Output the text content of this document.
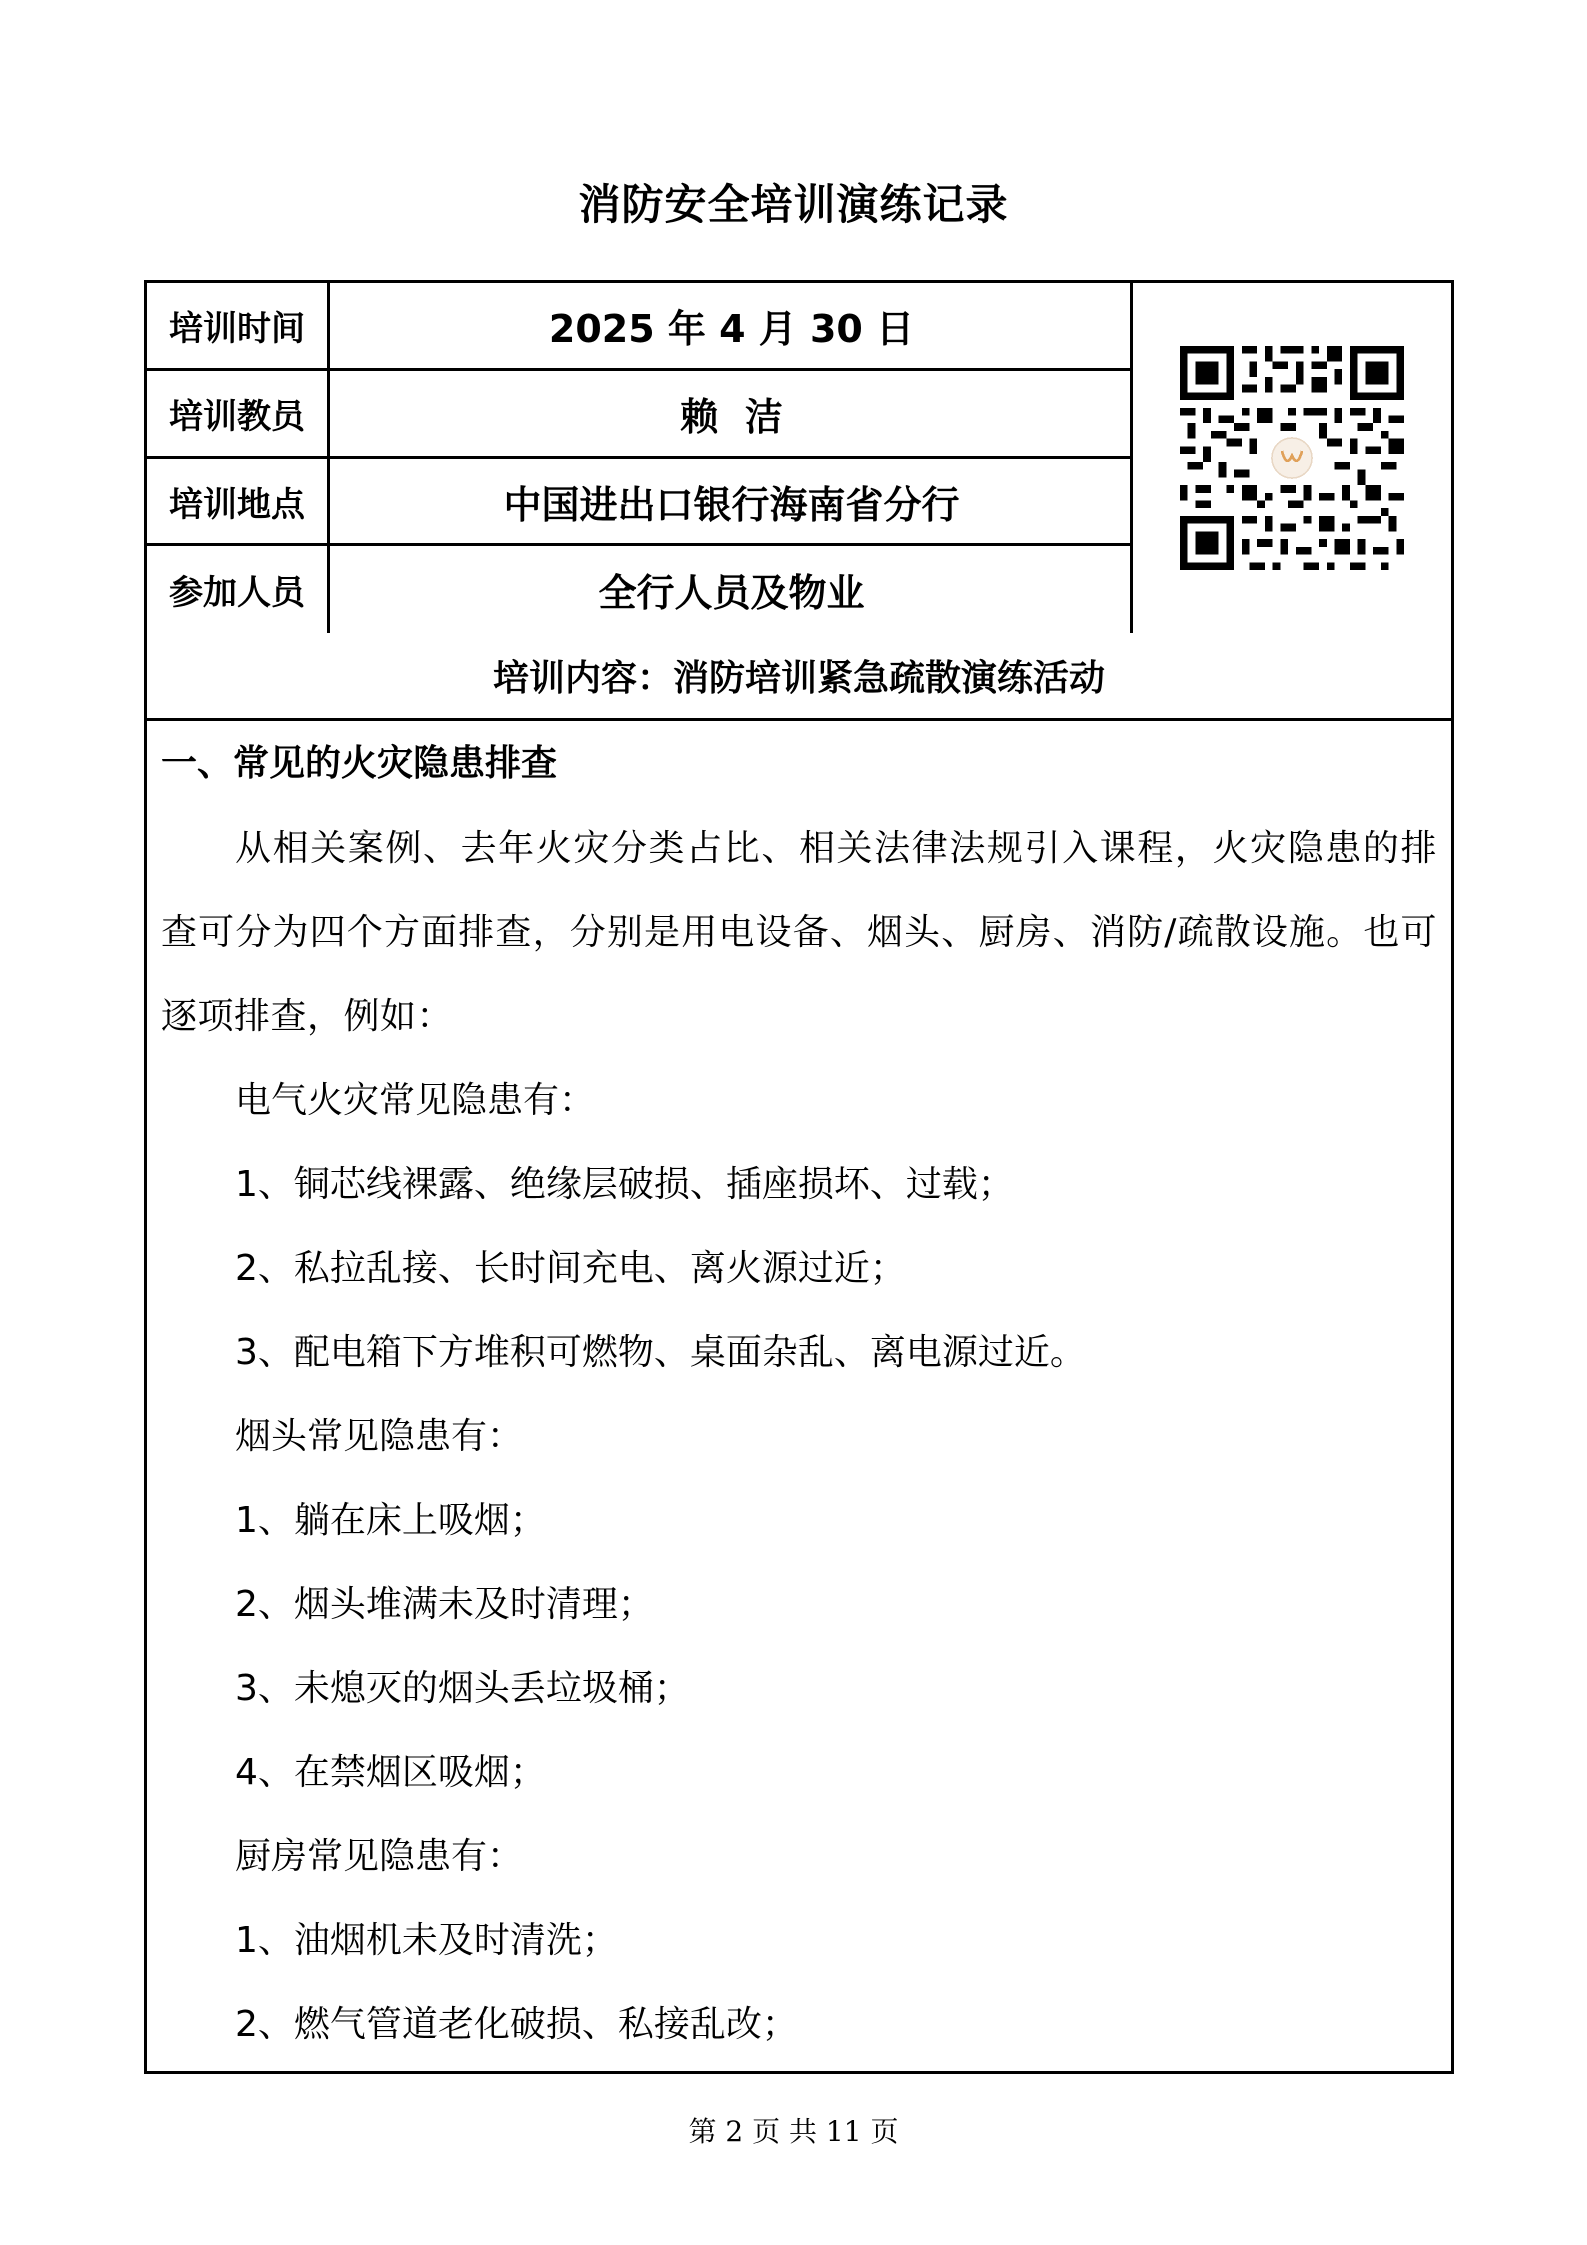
消防安全培训演练记录
培训时间	2025 年 4 月 30 日
培训教员	赖  洁
培训地点	中国进出口银行海南省分行
参加人员	全行人员及物业
培训内容：消防培训紧急疏散演练活动
一、常见的火灾隐患排查
从相关案例、去年火灾分类占比、相关法律法规引入课程，火灾隐患的排查可分为四个方面排查，分别是用电设备、烟头、厨房、消防/疏散设施。也可逐项排查，例如：
电气火灾常见隐患有：
1、铜芯线裸露、绝缘层破损、插座损坏、过载；
2、私拉乱接、长时间充电、离火源过近；
3、配电箱下方堆积可燃物、桌面杂乱、离电源过近。
烟头常见隐患有：
1、躺在床上吸烟；
2、烟头堆满未及时清理；
3、未熄灭的烟头丢垃圾桶；
4、在禁烟区吸烟；
厨房常见隐患有：
1、油烟机未及时清洗；
2、燃气管道老化破损、私接乱改；
第 2 页 共 11 页
